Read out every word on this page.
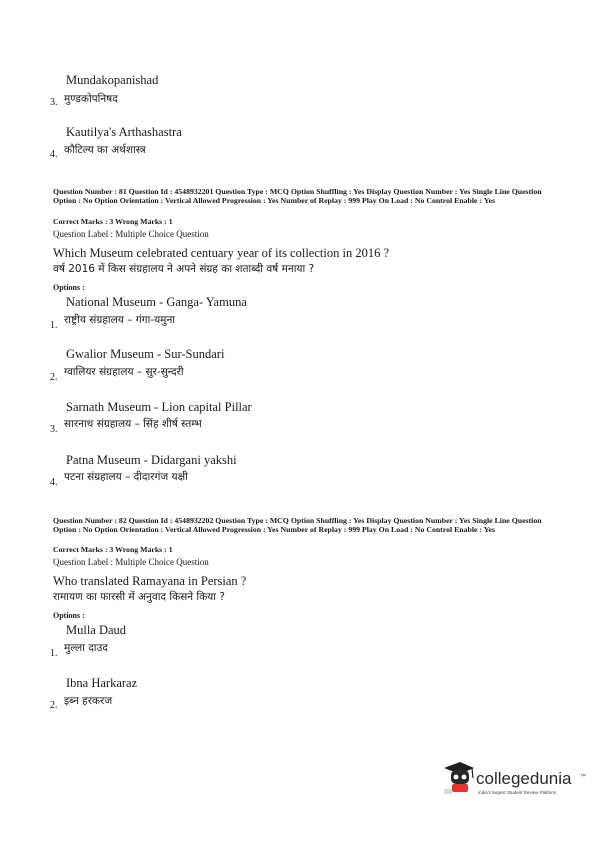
Mundakopanishad
3. मुण्डकोपनिषद
Kautilya's Arthashastra
4. कौटिल्य का अर्थशास्त्र
Question Number : 81 Question Id : 4548932201 Question Type : MCQ Option Shuffling : Yes Display Question Number : Yes Single Line Question Option : No Option Orientation : Vertical Allowed Progression : Yes Number of Replay : 999 Play On Load : No Control Enable : Yes
Correct Marks : 3 Wrong Marks : 1
Question Label : Multiple Choice Question
Which Museum celebrated centuary year of its collection in 2016 ?
वर्ष 2016 में किस संग्रहालय ने अपने संग्रह का शताब्दी वर्ष मनाया ?
Options :
National Museum - Ganga- Yamuna
1. राष्ट्रीय संग्रहालय – गंगा-यमुना
Gwalior Museum - Sur-Sundari
2. ग्वालियर संग्रहालय – सुर-सुन्दरी
Sarnath Museum - Lion capital Pillar
3. सारनाथ संग्रहालय – सिंह शीर्ष स्तम्भ
Patna Museum - Didargani yakshi
4. पटना संग्रहालय – दीदारगंज यक्षी
Question Number : 82 Question Id : 4548932202 Question Type : MCQ Option Shuffling : Yes Display Question Number : Yes Single Line Question Option : No Option Orientation : Vertical Allowed Progression : Yes Number of Replay : 999 Play On Load : No Control Enable : Yes
Correct Marks : 3 Wrong Marks : 1
Question Label : Multiple Choice Question
Who translated Ramayana in Persian ?
रामायण का फारसी में अनुवाद किसने किया ?
Options :
Mulla Daud
1. मुल्ला दाउद
Ibna Harkaraz
2. इब्न हरकरज
collegedunia ™
India's largest Student Review Platform
